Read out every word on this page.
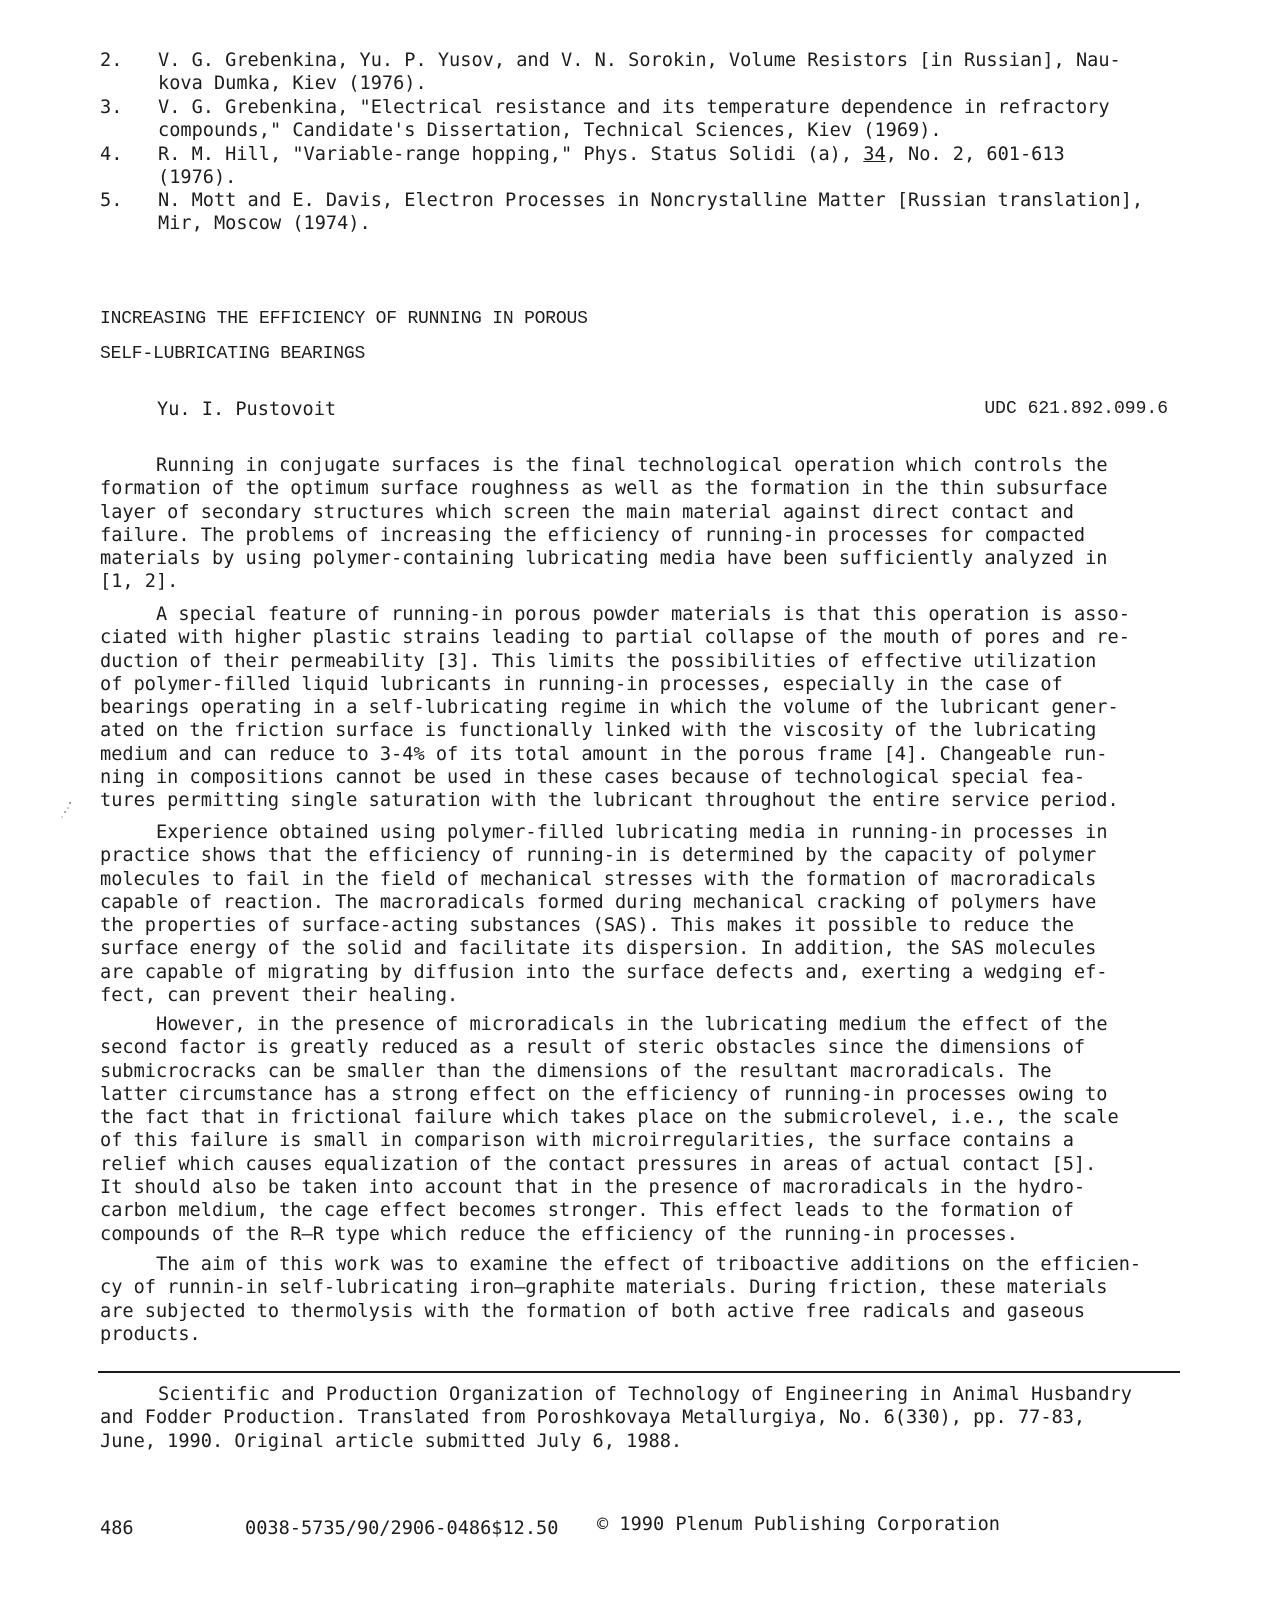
2.	V. G. Grebenkina, Yu. P. Yusov, and V. N. Sorokin, Volume Resistors [in Russian], Nau-
kova Dumka, Kiev (1976).
3.	V. G. Grebenkina, "Electrical resistance and its temperature dependence in refractory
compounds," Candidate's Dissertation, Technical Sciences, Kiev (1969).
4.	R. M. Hill, "Variable-range hopping," Phys. Status Solidi (a), 34, No. 2, 601-613
(1976).
5.	N. Mott and E. Davis, Electron Processes in Noncrystalline Matter [Russian translation],
Mir, Moscow (1974).
INCREASING THE EFFICIENCY OF RUNNING IN POROUS
SELF-LUBRICATING BEARINGS
Yu. I. Pustovoit	UDC 621.892.099.6
Running in conjugate surfaces is the final technological operation which controls the
formation of the optimum surface roughness as well as the formation in the thin subsurface
layer of secondary structures which screen the main material against direct contact and
failure. The problems of increasing the efficiency of running-in processes for compacted
materials by using polymer-containing lubricating media have been sufficiently analyzed in
[1, 2].
A special feature of running-in porous powder materials is that this operation is asso-
ciated with higher plastic strains leading to partial collapse of the mouth of pores and re-
duction of their permeability [3]. This limits the possibilities of effective utilization
of polymer-filled liquid lubricants in running-in processes, especially in the case of
bearings operating in a self-lubricating regime in which the volume of the lubricant gener-
ated on the friction surface is functionally linked with the viscosity of the lubricating
medium and can reduce to 3-4% of its total amount in the porous frame [4]. Changeable run-
ning in compositions cannot be used in these cases because of technological special fea-
tures permitting single saturation with the lubricant throughout the entire service period.
Experience obtained using polymer-filled lubricating media in running-in processes in
practice shows that the efficiency of running-in is determined by the capacity of polymer
molecules to fail in the field of mechanical stresses with the formation of macroradicals
capable of reaction. The macroradicals formed during mechanical cracking of polymers have
the properties of surface-acting substances (SAS). This makes it possible to reduce the
surface energy of the solid and facilitate its dispersion. In addition, the SAS molecules
are capable of migrating by diffusion into the surface defects and, exerting a wedging ef-
fect, can prevent their healing.
However, in the presence of microradicals in the lubricating medium the effect of the
second factor is greatly reduced as a result of steric obstacles since the dimensions of
submicrocracks can be smaller than the dimensions of the resultant macroradicals. The
latter circumstance has a strong effect on the efficiency of running-in processes owing to
the fact that in frictional failure which takes place on the submicrolevel, i.e., the scale
of this failure is small in comparison with microirregularities, the surface contains a
relief which causes equalization of the contact pressures in areas of actual contact [5].
It should also be taken into account that in the presence of macroradicals in the hydro-
carbon meldium, the cage effect becomes stronger. This effect leads to the formation of
compounds of the R—R type which reduce the efficiency of the running-in processes.
The aim of this work was to examine the effect of triboactive additions on the efficien-
cy of runnin-in self-lubricating iron—graphite materials. During friction, these materials
are subjected to thermolysis with the formation of both active free radicals and gaseous
products.
Scientific and Production Organization of Technology of Engineering in Animal Husbandry
and Fodder Production. Translated from Poroshkovaya Metallurgiya, No. 6(330), pp. 77-83,
June, 1990. Original article submitted July 6, 1988.
486	0038-5735/90/2906-0486$12.50 © 1990 Plenum Publishing Corporation
